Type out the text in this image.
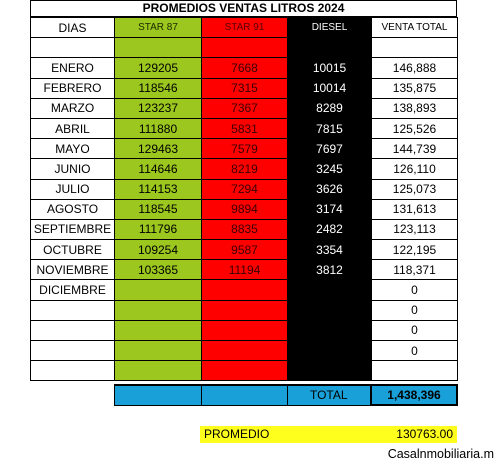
PROMEDIOS VENTAS LITROS 2024
DIAS	STAR 87	STAR 91	DIESEL	VENTA TOTAL

ENERO	129205	7668	10015	146,888
FEBRERO	118546	7315	10014	135,875
MARZO	123237	7367	8289	138,893
ABRIL	111880	5831	7815	125,526
MAYO	129463	7579	7697	144,739
JUNIO	114646	8219	3245	126,110
JULIO	114153	7294	3626	125,073
AGOSTO	118545	9894	3174	131,613
SEPTIEMBRE	111796	8835	2482	123,113
OCTUBRE	109254	9587	3354	122,195
NOVIEMBRE	103365	11194	3812	118,371
DICIEMBRE				0
				0
				0
				0

			TOTAL	1,438,396
PROMEDIO	130763.00
Casalnmobiliaria.m
